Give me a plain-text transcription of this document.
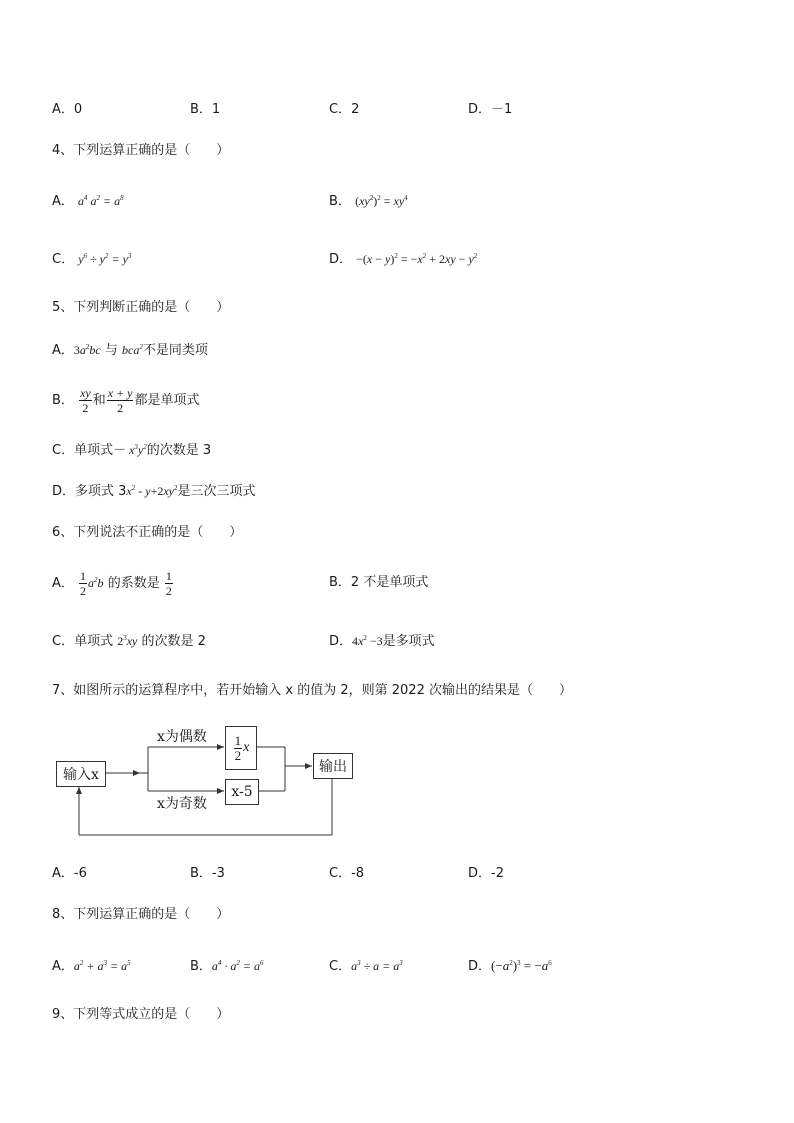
A．0	B．1	C．2	D．－1
4、下列运算正确的是（　　）
A． $a^4$ $a^2 = a^8$	B． $(xy^2)^2 = xy^4$
C． $y^6 \div y^2 = y^3$	D． $-(x - y)^2 = -x^2 + 2xy - y^2$
5、下列判断正确的是（　　）
A．$3a^2bc$ 与 bca$^2$不是同类项
B． $\frac{xy}{2}$ 和 $\frac{x + y}{2}$ 都是单项式
C．单项式－ $x^3y^2$的次数是 3
D．多项式 $3x^2 - y+2xy^2$是三次三项式
6、下列说法不正确的是（　　）
A． $\frac{1}{2} a^2b$ 的系数是 $\frac{1}{2}$	B．2 不是单项式
C．单项式 $2^3xy$ 的次数是 2	D．$4x^2 -3$是多项式
7、如图所示的运算程序中，若开始输入 x 的值为 2，则第 2022 次输出的结果是（　　）
输入x
x为偶数 $\frac{1}{2}$ x
x为奇数
x-5
输出
A．-6	B．-3	C．-8	D．-2
8、下列运算正确的是（　　）
A．$a^2 + a^3 = a^5$	B．$a^4 \cdot a^2 = a^6$	C．$a^3 \div a = a^3$	D．$(-a^2)^3 = -a^6$
9、下列等式成立的是（　　）
